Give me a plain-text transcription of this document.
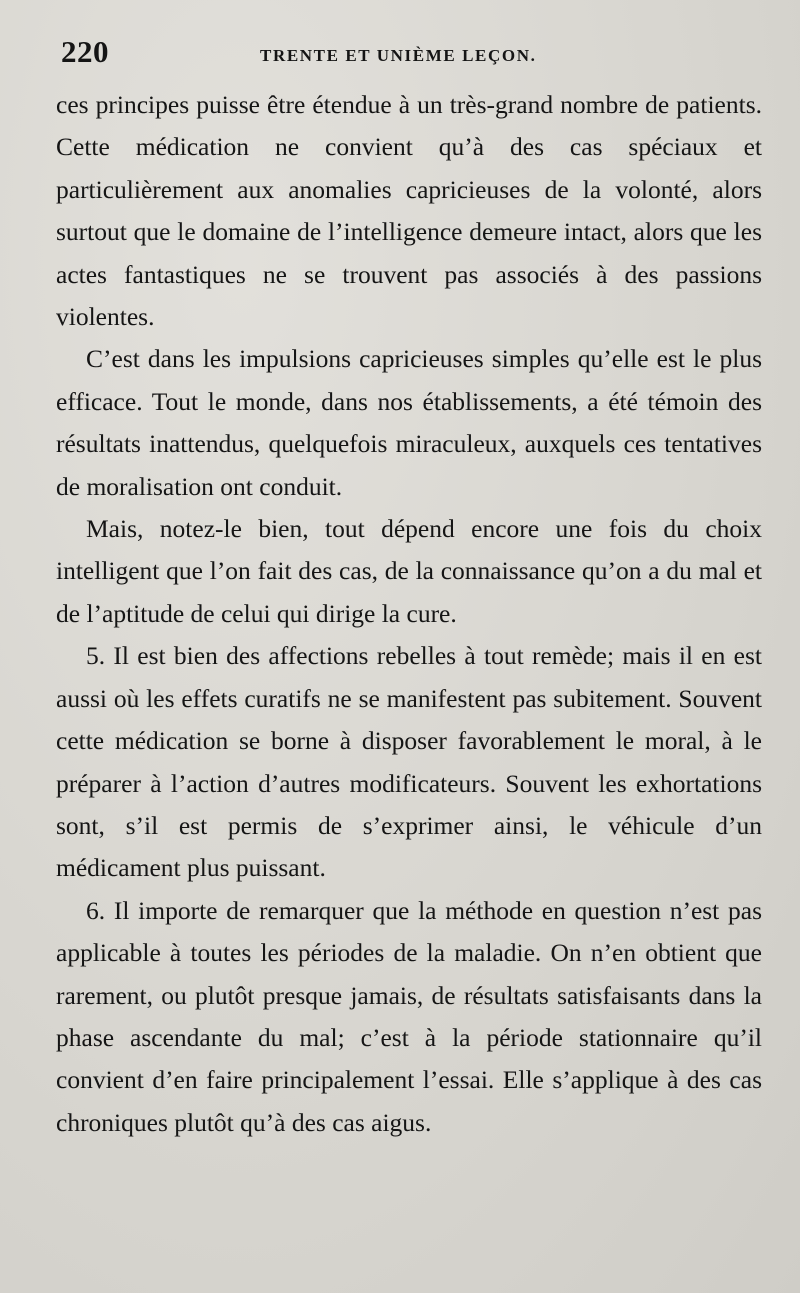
220	TRENTE ET UNIÈME LEÇON.

ces principes puisse être étendue à un très-grand nombre de patients. Cette médication ne convient qu’à des cas spéciaux et particulièrement aux anomalies capricieuses de la volonté, alors surtout que le domaine de l’intelligence demeure intact, alors que les actes fantastiques ne se trouvent pas associés à des passions violentes.

C’est dans les impulsions capricieuses simples qu’elle est le plus efficace. Tout le monde, dans nos établissements, a été témoin des résultats inattendus, quelquefois miraculeux, auxquels ces tentatives de moralisation ont conduit.

Mais, notez-le bien, tout dépend encore une fois du choix intelligent que l’on fait des cas, de la connaissance qu’on a du mal et de l’aptitude de celui qui dirige la cure.

5. Il est bien des affections rebelles à tout remède; mais il en est aussi où les effets curatifs ne se manifestent pas subitement. Souvent cette médication se borne à disposer favorablement le moral, à le préparer à l’action d’autres modificateurs. Souvent les exhortations sont, s’il est permis de s’exprimer ainsi, le véhicule d’un médicament plus puissant.

6. Il importe de remarquer que la méthode en question n’est pas applicable à toutes les périodes de la maladie. On n’en obtient que rarement, ou plutôt presque jamais, de résultats satisfaisants dans la phase ascendante du mal; c’est à la période stationnaire qu’il convient d’en faire principalement l’essai. Elle s’applique à des cas chroniques plutôt qu’à des cas aigus.
